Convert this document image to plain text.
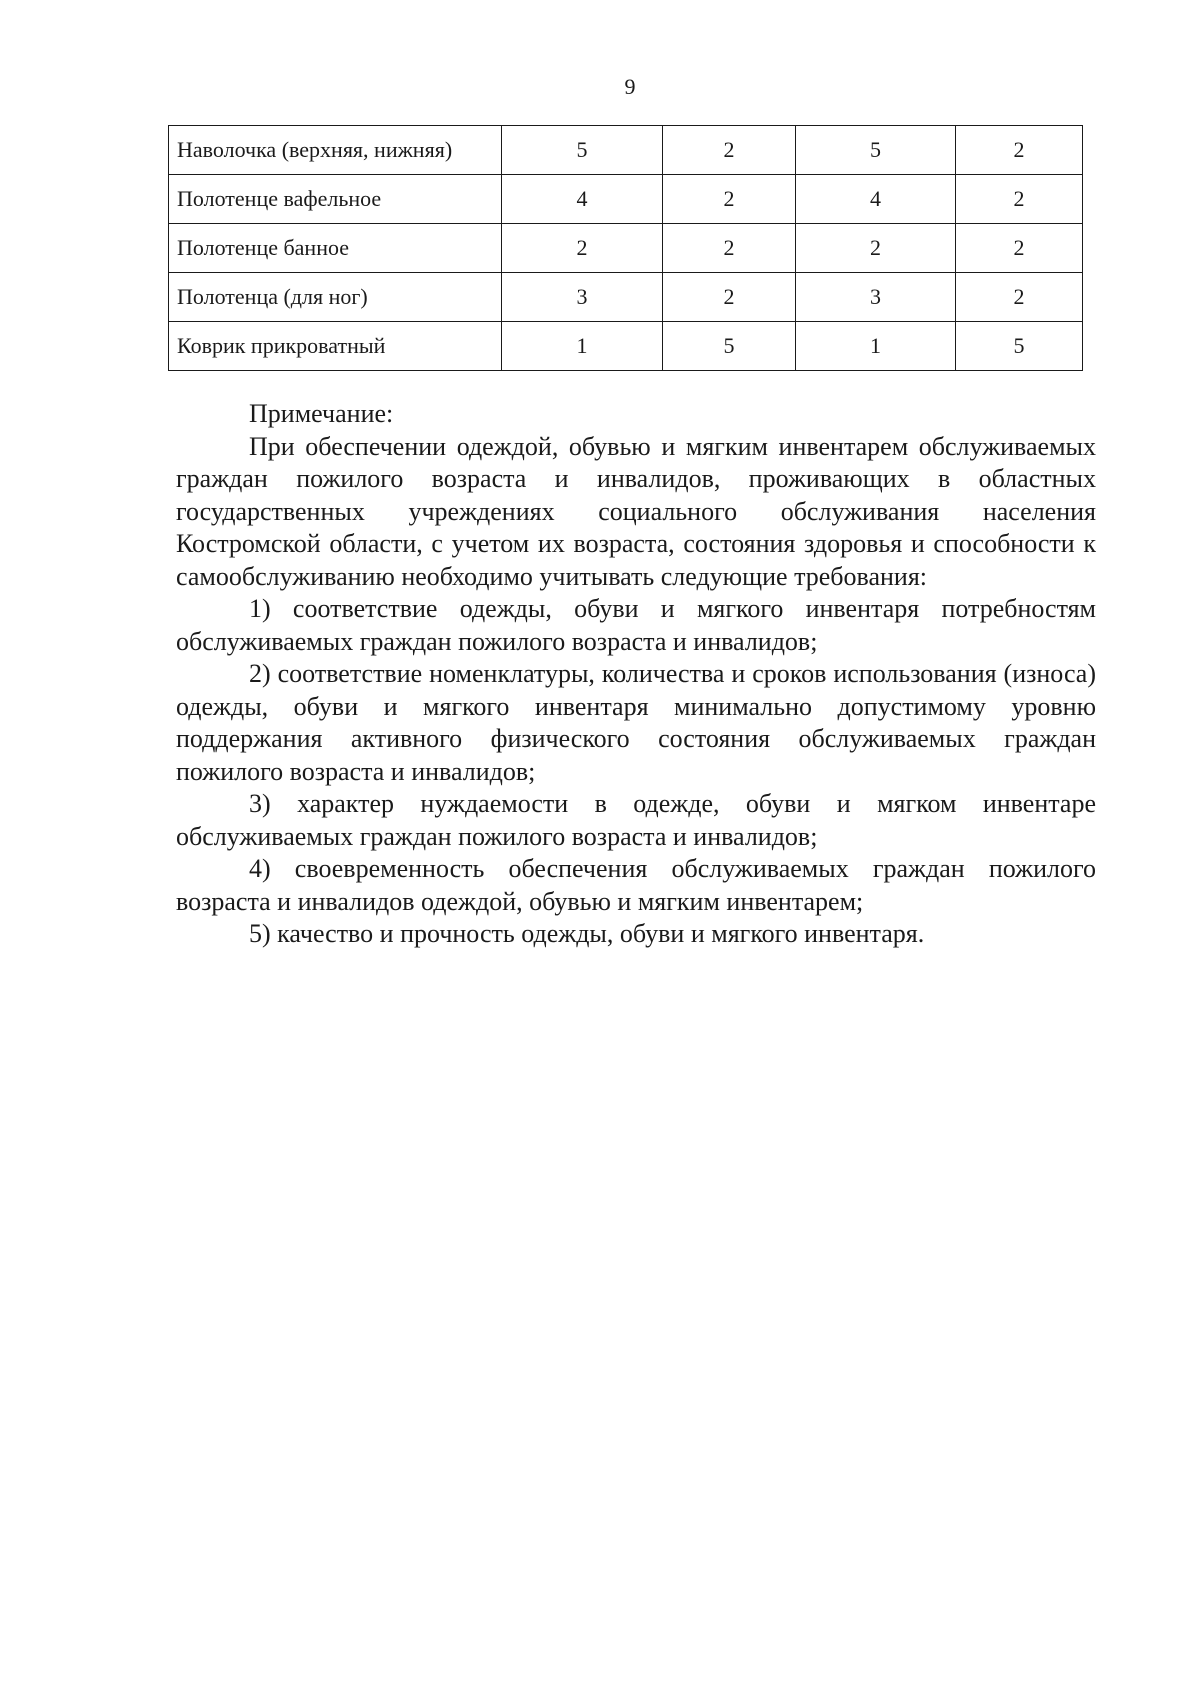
9
Наволочка (верхняя, нижняя)	5	2	5	2
Полотенце вафельное	4	2	4	2
Полотенце банное	2	2	2	2
Полотенца (для ног)	3	2	3	2
Коврик прикроватный	1	5	1	5

Примечание:

При обеспечении одеждой, обувью и мягким инвентарем обслуживаемых граждан пожилого возраста и инвалидов, проживающих в областных государственных учреждениях социального обслуживания населения Костромской области, с учетом их возраста, состояния здоровья и способности к самообслуживанию необходимо учитывать следующие требования:

1) соответствие одежды, обуви и мягкого инвентаря потребностям обслуживаемых граждан пожилого возраста и инвалидов;

2) соответствие номенклатуры, количества и сроков использования (износа) одежды, обуви и мягкого инвентаря минимально допустимому уровню поддержания активного физического состояния обслуживаемых граждан пожилого возраста и инвалидов;

3) характер нуждаемости в одежде, обуви и мягком инвентаре обслуживаемых граждан пожилого возраста и инвалидов;

4) своевременность обеспечения обслуживаемых граждан пожилого возраста и инвалидов одеждой, обувью и мягким инвентарем;

5) качество и прочность одежды, обуви и мягкого инвентаря.
